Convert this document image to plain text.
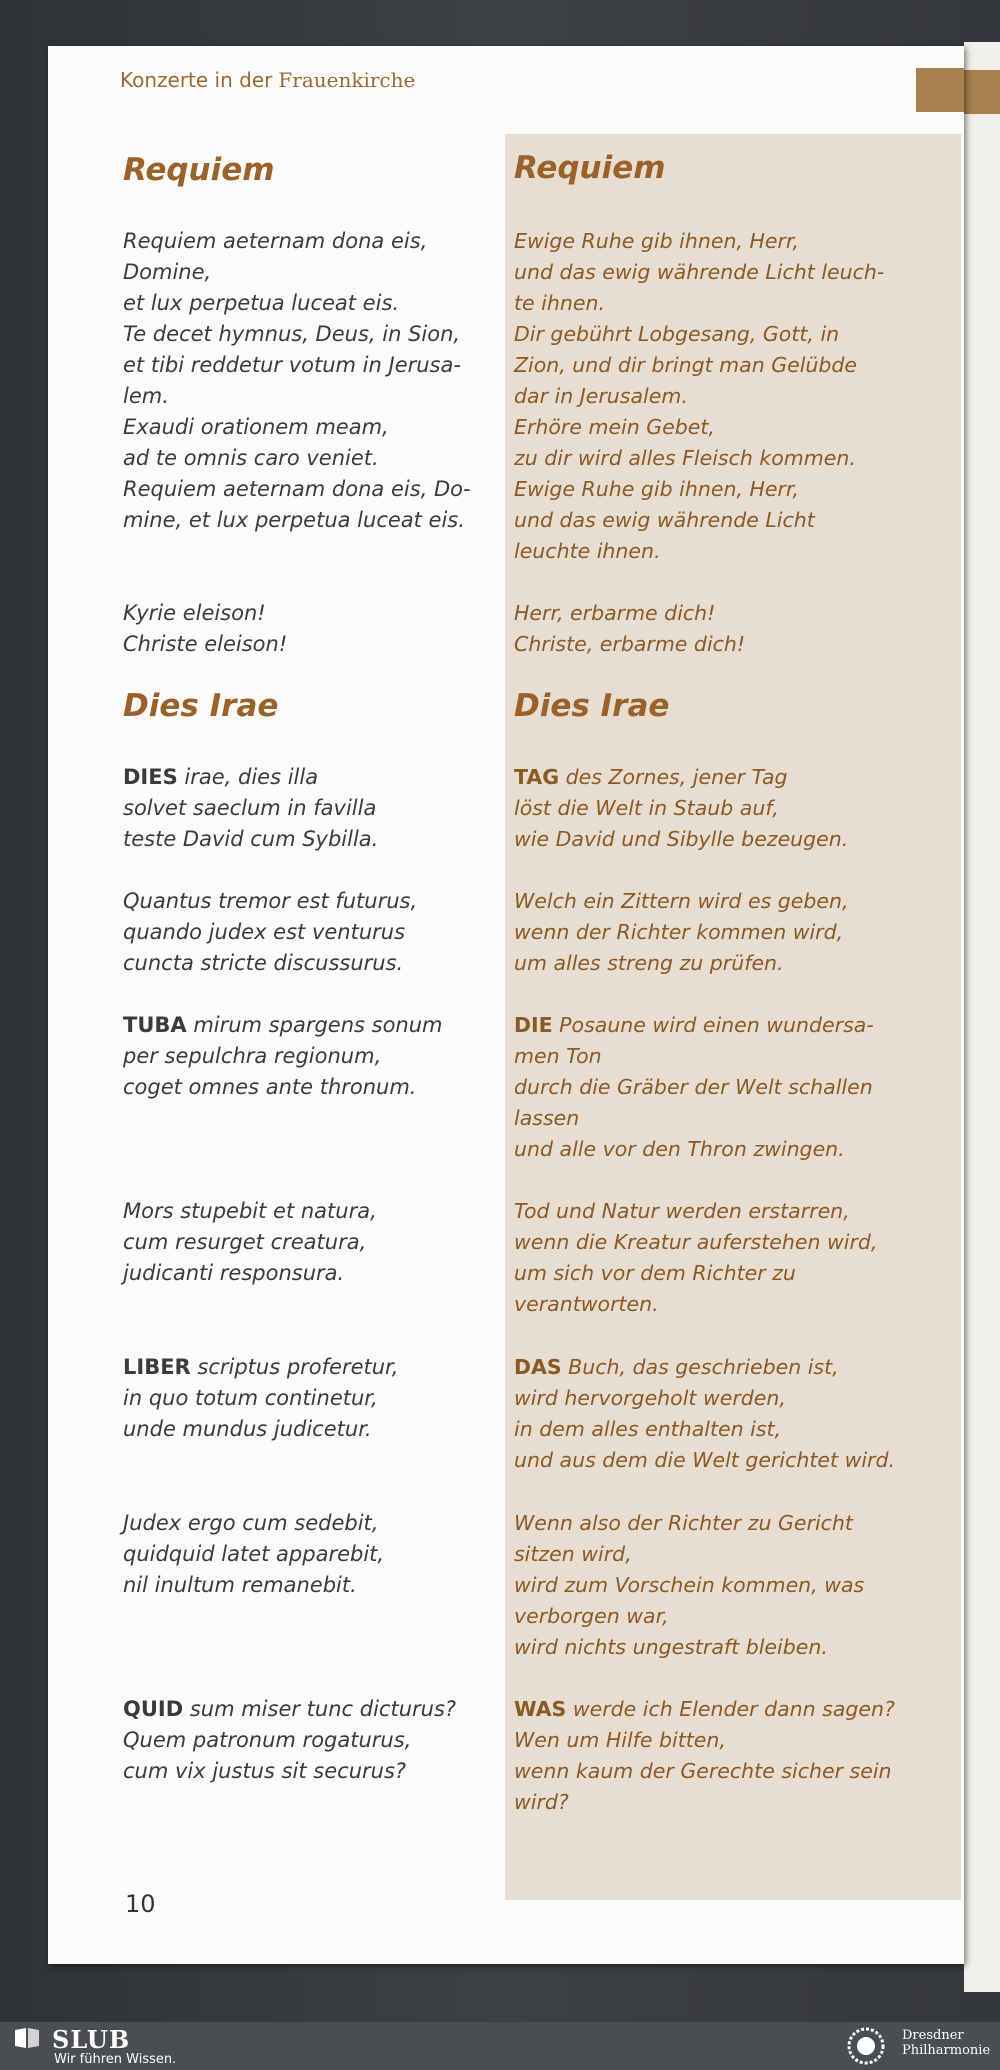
Konzerte in der Frauenkirche
Requiem
Requiem aeternam dona eis,
Domine,
et lux perpetua luceat eis.
Te decet hymnus, Deus, in Sion,
et tibi reddetur votum in Jerusa-
lem.
Exaudi orationem meam,
ad te omnis caro veniet.
Requiem aeternam dona eis, Do-
mine, et lux perpetua luceat eis.
Kyrie eleison!
Christe eleison!
Dies Irae
DIES irae, dies illa
solvet saeclum in favilla
teste David cum Sybilla.
Quantus tremor est futurus,
quando judex est venturus
cuncta stricte discussurus.
TUBA mirum spargens sonum
per sepulchra regionum,
coget omnes ante thronum.
Mors stupebit et natura,
cum resurget creatura,
judicanti responsura.
LIBER scriptus proferetur,
in quo totum continetur,
unde mundus judicetur.
Judex ergo cum sedebit,
quidquid latet apparebit,
nil inultum remanebit.
QUID sum miser tunc dicturus?
Quem patronum rogaturus,
cum vix justus sit securus?
Requiem
Ewige Ruhe gib ihnen, Herr,
und das ewig währende Licht leuch-
te ihnen.
Dir gebührt Lobgesang, Gott, in
Zion, und dir bringt man Gelübde
dar in Jerusalem.
Erhöre mein Gebet,
zu dir wird alles Fleisch kommen.
Ewige Ruhe gib ihnen, Herr,
und das ewig währende Licht
leuchte ihnen.
Herr, erbarme dich!
Christe, erbarme dich!
Dies Irae
TAG des Zornes, jener Tag
löst die Welt in Staub auf,
wie David und Sibylle bezeugen.
Welch ein Zittern wird es geben,
wenn der Richter kommen wird,
um alles streng zu prüfen.
DIE Posaune wird einen wundersa-
men Ton
durch die Gräber der Welt schallen
lassen
und alle vor den Thron zwingen.
Tod und Natur werden erstarren,
wenn die Kreatur auferstehen wird,
um sich vor dem Richter zu
verantworten.
DAS Buch, das geschrieben ist,
wird hervorgeholt werden,
in dem alles enthalten ist,
und aus dem die Welt gerichtet wird.
Wenn also der Richter zu Gericht
sitzen wird,
wird zum Vorschein kommen, was
verborgen war,
wird nichts ungestraft bleiben.
WAS werde ich Elender dann sagen?
Wen um Hilfe bitten,
wenn kaum der Gerechte sicher sein
wird?
10
SLUB
Wir führen Wissen.
Dresdner
Philharmonie
